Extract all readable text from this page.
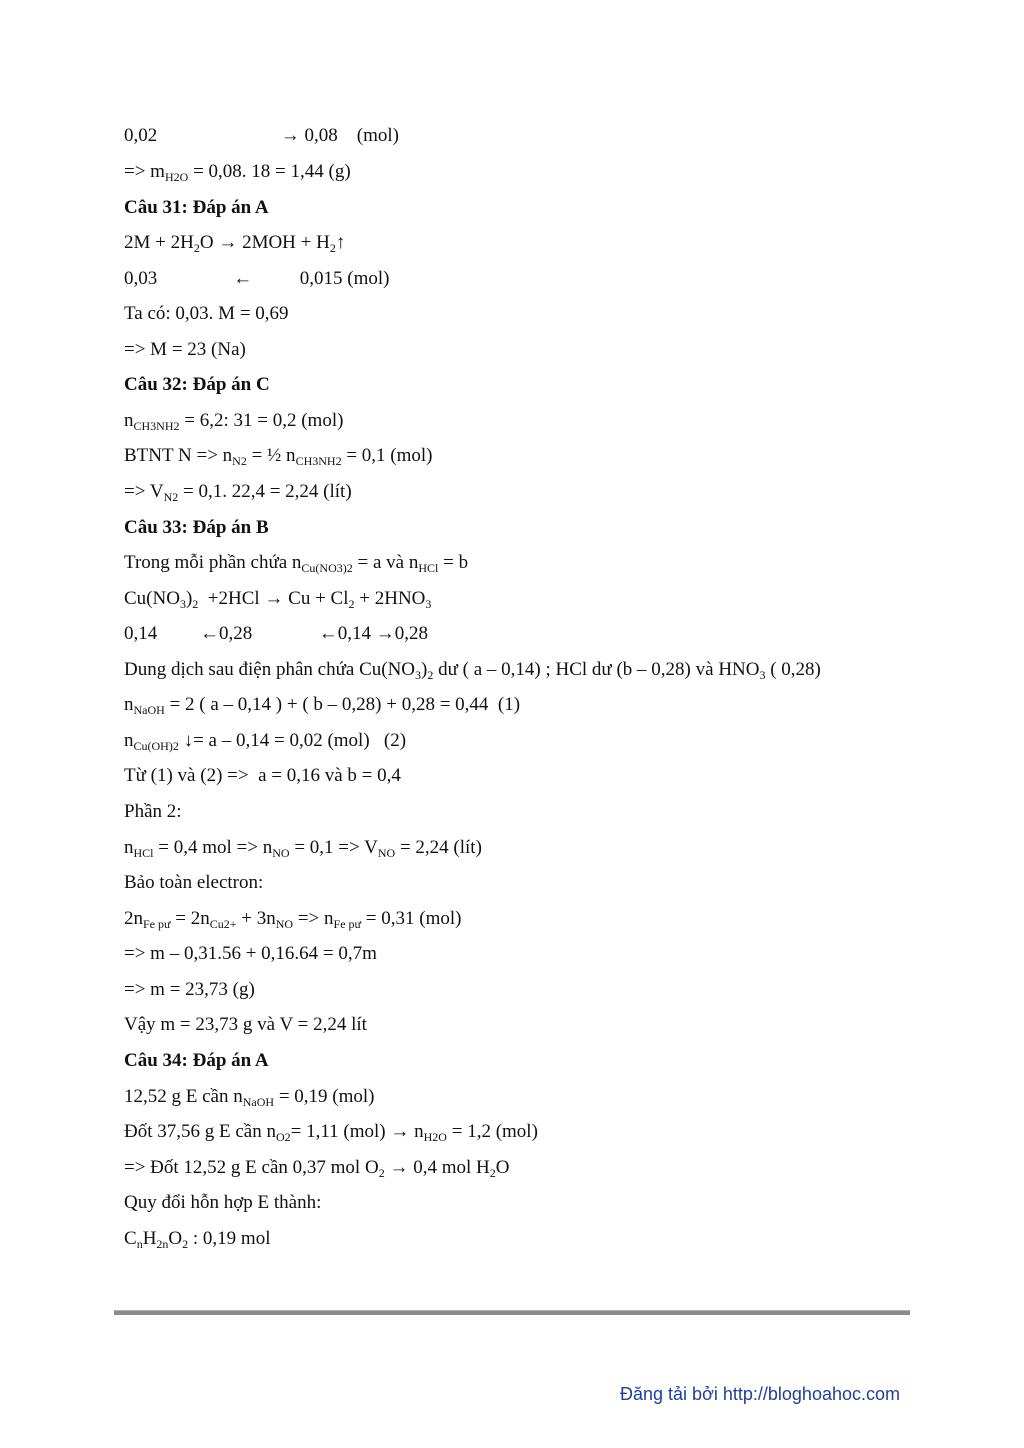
0,02                          → 0,08    (mol)
=> $m_{H2O} = 0,08$. 18 = 1,44 (g)
Câu 31: Đáp án A
$2M + 2H_2O \to 2MOH$ + $H_2↑$
0,03                ←          0,015 (mol)
Ta có: 0,03. M = 0,69
=> M = 23 (Na)
Câu 32: Đáp án C
$n_{CH3NH2} = 6,2$: 31 = 0,2 (mol)
BTNT $N => n_{N2}$ = ½ $n_{CH3NH2} = 0,1$ (mol)
=> $V_{N2} = 0,1$. 22,4 = 2,24 (lít)
Câu 33: Đáp án B
Trong mỗi phần chứa $n_{Cu(NO3)2} = a$ và $n_{HCl} = b$
$Cu(NO_3)_2 +2HCl \to Cu + Cl_2 + 2HNO_3$
0,14         ←0,28              ←0,14 →0,28
Dung dịch sau điện phân chứa $Cu(NO_3)_2$ dư ( a – 0,14) ; HCl dư (b – 0,28) và $HNO_3$ ( 0,28)
$n_{NaOH} = 2$ ( a – 0,14 ) + ( b – 0,28) + 0,28 = 0,44  (1)
$n_{Cu(OH)2}$ ↓= a – 0,14 = 0,02 (mol)   (2)
Từ (1) và (2) =>  a = 0,16 và b = 0,4
Phần 2:
$n_{HCl} = 0,4$ mol => $n_{NO} = 0,1 => V_{NO} = 2,24$ (lít)
Bảo toàn electron:
$2n_{Fe pư} = 2n_{Cu2+} + 3n_{NO} => n_{Fe pư} = 0,31$ (mol)
=> m – 0,31.56 + 0,16.64 = 0,7m
=> m = 23,73 (g)
Vậy m = 23,73 g và V = 2,24 lít
Câu 34: Đáp án A
12,52 g E cần $n_{NaOH} = 0,19$ (mol)
Đốt 37,56 g E cần $n_{O2}= 1,11$ $(mol) \to n_{H2O} = 1,2$ (mol)
=> Đốt 12,52 g E cần 0,37 mol $O_2 \to 0,4$ mol $H_2O$
Quy đổi hỗn hợp E thành:
$C_nH_{2n}O_2$ : 0,19 mol
Đăng tải bởi http://bloghoahoc.com
